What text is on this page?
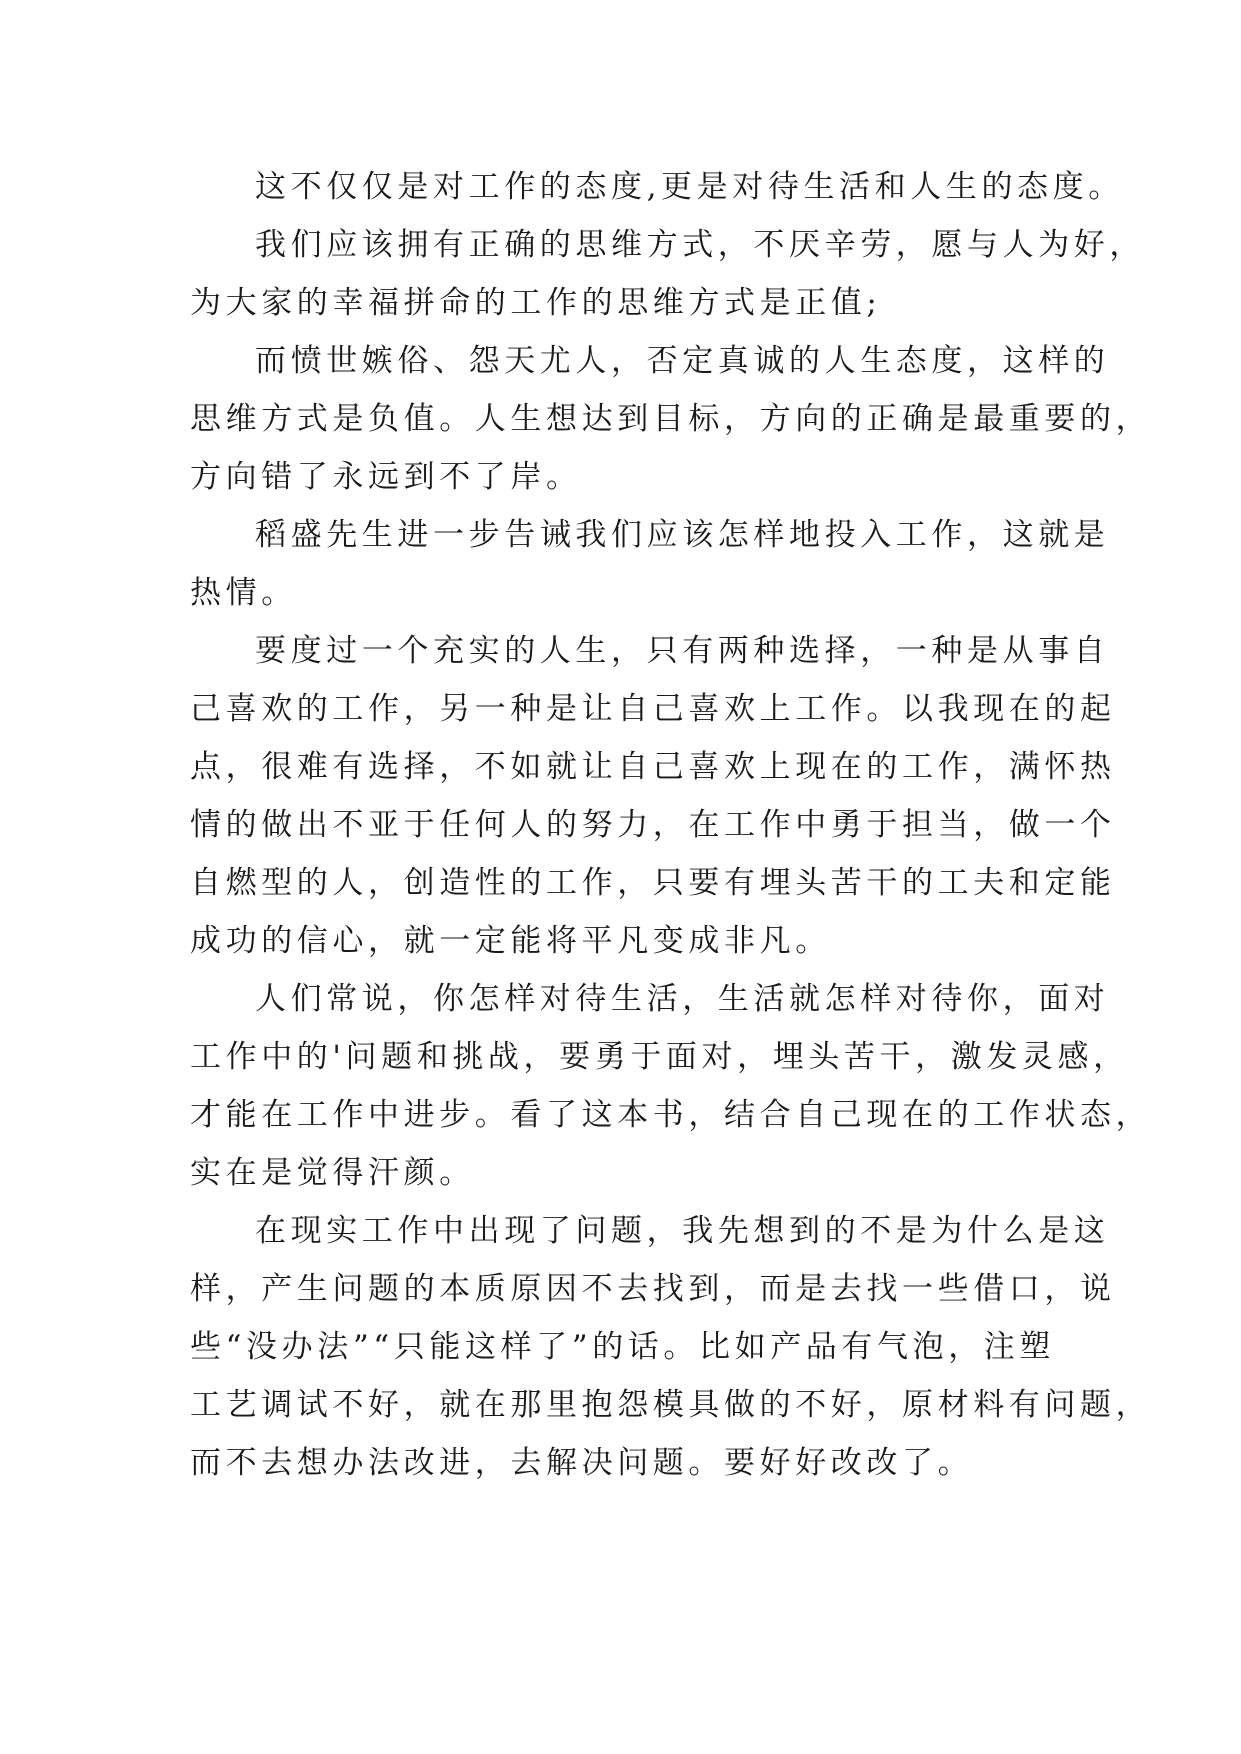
这不仅仅是对工作的态度,更是对待生活和人生的态度。
我们应该拥有正确的思维方式，不厌辛劳，愿与人为好，
为大家的幸福拼命的工作的思维方式是正值;
而愤世嫉俗、怨天尤人，否定真诚的人生态度，这样的
思维方式是负值。人生想达到目标，方向的正确是最重要的，
方向错了永远到不了岸。
稻盛先生进一步告诫我们应该怎样地投入工作，这就是
热情。
要度过一个充实的人生，只有两种选择，一种是从事自
己喜欢的工作，另一种是让自己喜欢上工作。以我现在的起
点，很难有选择，不如就让自己喜欢上现在的工作，满怀热
情的做出不亚于任何人的努力，在工作中勇于担当，做一个
自燃型的人，创造性的工作，只要有埋头苦干的工夫和定能
成功的信心，就一定能将平凡变成非凡。
人们常说，你怎样对待生活，生活就怎样对待你，面对
工作中的'问题和挑战，要勇于面对，埋头苦干，激发灵感，
才能在工作中进步。看了这本书，结合自己现在的工作状态，
实在是觉得汗颜。
在现实工作中出现了问题，我先想到的不是为什么是这
样，产生问题的本质原因不去找到，而是去找一些借口，说
些“没办法”“只能这样了”的话。比如产品有气泡，注塑
工艺调试不好，就在那里抱怨模具做的不好，原材料有问题，
而不去想办法改进，去解决问题。要好好改改了。
